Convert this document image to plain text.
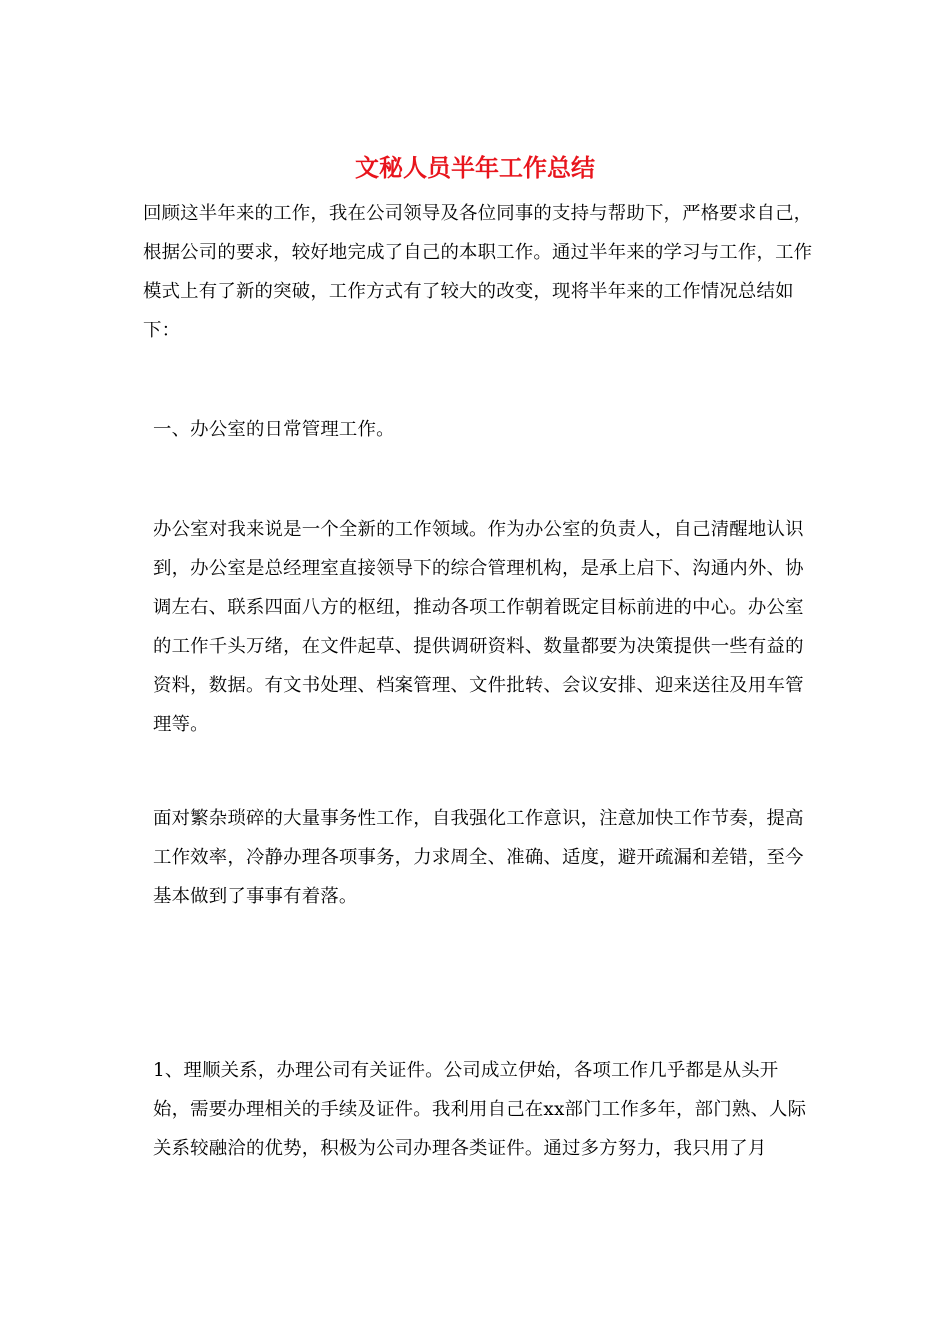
文秘人员半年工作总结

回顾这半年来的工作，我在公司领导及各位同事的支持与帮助下，严格要求自己，根据公司的要求，较好地完成了自己的本职工作。通过半年来的学习与工作，工作模式上有了新的突破，工作方式有了较大的改变，现将半年来的工作情况总结如下：

一、办公室的日常管理工作。

办公室对我来说是一个全新的工作领域。作为办公室的负责人，自己清醒地认识到，办公室是总经理室直接领导下的综合管理机构，是承上启下、沟通内外、协调左右、联系四面八方的枢纽，推动各项工作朝着既定目标前进的中心。办公室的工作千头万绪，在文件起草、提供调研资料、数量都要为决策提供一些有益的资料，数据。有文书处理、档案管理、文件批转、会议安排、迎来送往及用车管理等。

面对繁杂琐碎的大量事务性工作，自我强化工作意识，注意加快工作节奏，提高工作效率，冷静办理各项事务，力求周全、准确、适度，避开疏漏和差错，至今基本做到了事事有着落。

1、理顺关系，办理公司有关证件。公司成立伊始，各项工作几乎都是从头开始，需要办理相关的手续及证件。我利用自己在xx部门工作多年，部门熟、人际关系较融洽的优势，积极为公司办理各类证件。通过多方努力，我只用了月
